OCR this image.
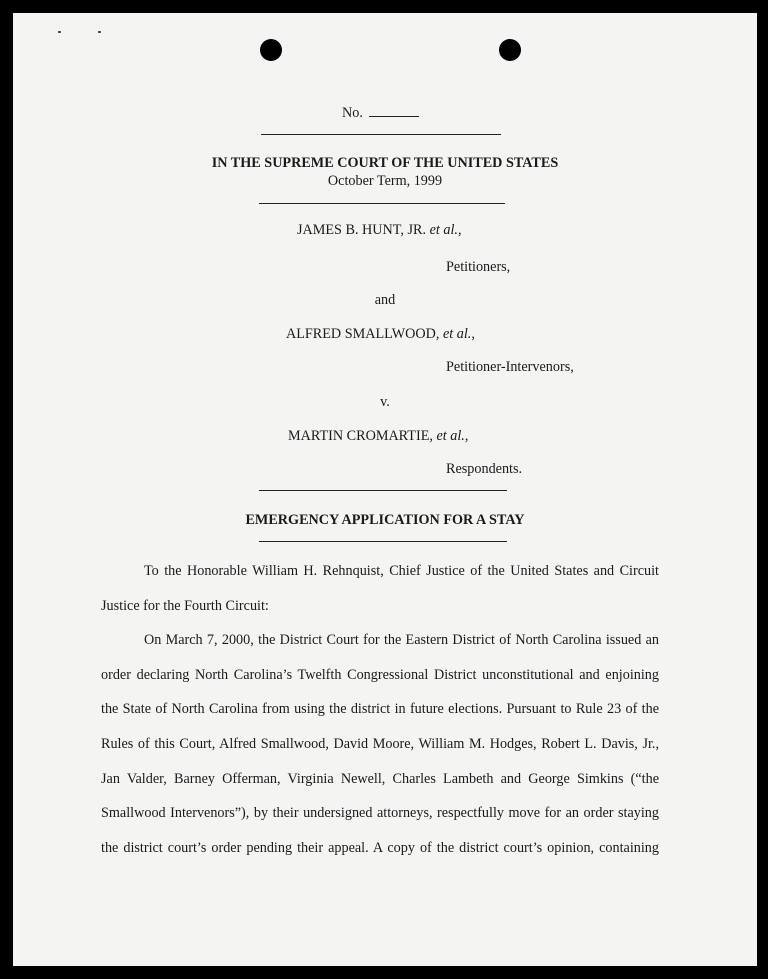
No.
IN THE SUPREME COURT OF THE UNITED STATES
October Term, 1999
JAMES B. HUNT, JR. et al.,
Petitioners,
and
ALFRED SMALLWOOD, et al.,
Petitioner-Intervenors,
v.
MARTIN CROMARTIE, et al.,
Respondents.
EMERGENCY APPLICATION FOR A STAY
To the Honorable William H. Rehnquist, Chief Justice of the United States and Circuit
Justice for the Fourth Circuit:
On March 7, 2000, the District Court for the Eastern District of North Carolina issued an
order declaring North Carolina’s Twelfth Congressional District unconstitutional and enjoining
the State of North Carolina from using the district in future elections. Pursuant to Rule 23 of the
Rules of this Court, Alfred Smallwood, David Moore, William M. Hodges, Robert L. Davis, Jr.,
Jan Valder, Barney Offerman, Virginia Newell, Charles Lambeth and George Simkins (“the
Smallwood Intervenors”), by their undersigned attorneys, respectfully move for an order staying
the district court’s order pending their appeal. A copy of the district court’s opinion, containing
